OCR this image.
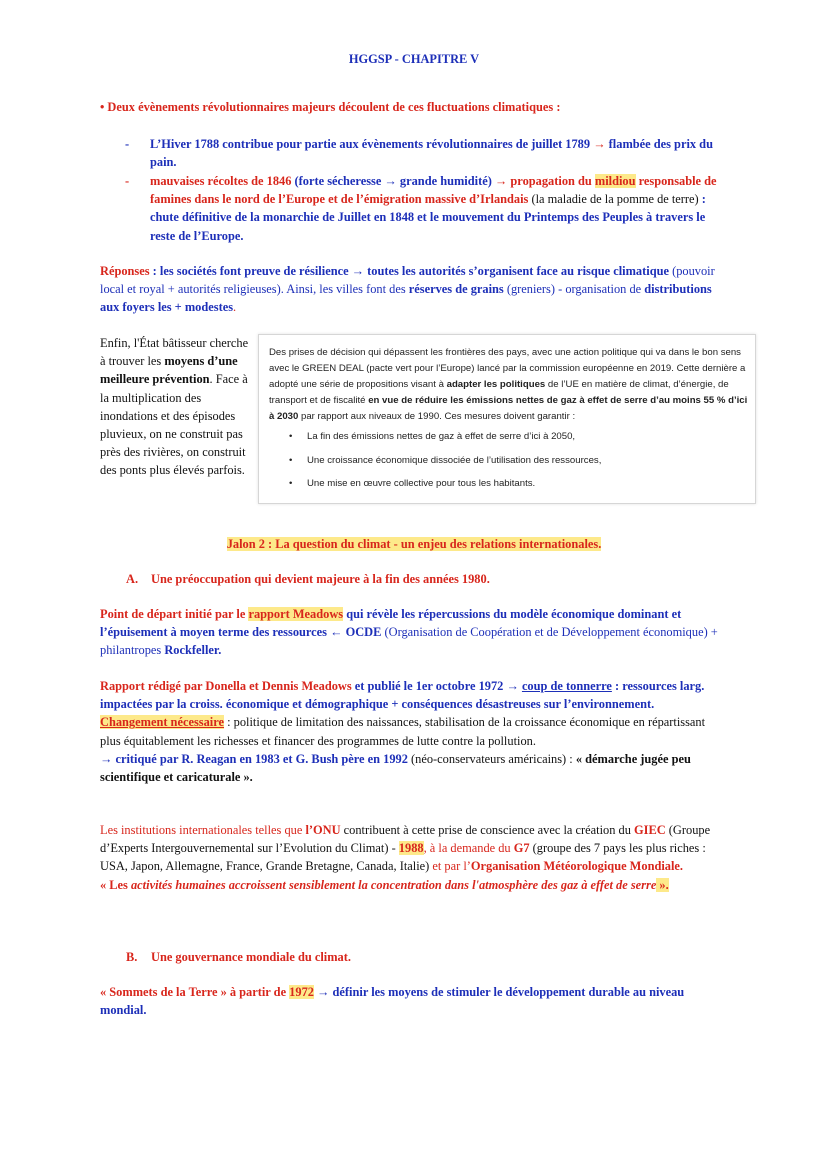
HGGSP - CHAPITRE V
• Deux évènements révolutionnaires majeurs découlent de ces fluctuations climatiques :
- L’Hiver 1788 contribue pour partie aux évènements révolutionnaires de juillet 1789 → flambée des prix du pain.
- mauvaises récoltes de 1846 (forte sécheresse → grande humidité) → propagation du mildiou responsable de famines dans le nord de l’Europe et de l’émigration massive d’Irlandais (la maladie de la pomme de terre) : chute définitive de la monarchie de Juillet en 1848 et le mouvement du Printemps des Peuples à travers le reste de l’Europe.
Réponses : les sociétés font preuve de résilience → toutes les autorités s’organisent face au risque climatique (pouvoir local et royal + autorités religieuses). Ainsi, les villes font des réserves de grains (greniers) - organisation de distributions aux foyers les + modestes.
Enfin, l'État bâtisseur cherche à trouver les moyens d’une meilleure prévention. Face à la multiplication des inondations et des épisodes pluvieux, on ne construit pas près des rivières, on construit des ponts plus élevés parfois.
Des prises de décision qui dépassent les frontières des pays, avec une action politique qui va dans le bon sens avec le GREEN DEAL (pacte vert pour l’Europe) lancé par la commission européenne en 2019. Cette dernière a adopté une série de propositions visant à adapter les politiques de l’UE en matière de climat, d’énergie, de transport et de fiscalité en vue de réduire les émissions nettes de gaz à effet de serre d’au moins 55 % d’ici à 2030 par rapport aux niveaux de 1990. Ces mesures doivent garantir :
• La fin des émissions nettes de gaz à effet de serre d’ici à 2050,
• Une croissance économique dissociée de l’utilisation des ressources,
• Une mise en œuvre collective pour tous les habitants.
Jalon 2 : La question du climat - un enjeu des relations internationales.
A. Une préoccupation qui devient majeure à la fin des années 1980.
Point de départ initié par le rapport Meadows qui révèle les répercussions du modèle économique dominant et l’épuisement à moyen terme des ressources ← OCDE (Organisation de Coopération et de Développement économique) + philantropes Rockfeller.
Rapport rédigé par Donella et Dennis Meadows et publié le 1er octobre 1972 → coup de tonnerre : ressources larg. impactées par la croiss. économique et démographique + conséquences désastreuses sur l’environnement.
Changement nécessaire : politique de limitation des naissances, stabilisation de la croissance économique en répartissant plus équitablement les richesses et financer des programmes de lutte contre la pollution.
→ critiqué par R. Reagan en 1983 et G. Bush père en 1992 (néo-conservateurs américains) : « démarche jugée peu scientifique et caricaturale ».
Les institutions internationales telles que l’ONU contribuent à cette prise de conscience avec la création du GIEC (Groupe d’Experts Intergouvernemental sur l’Evolution du Climat) - 1988, à la demande du G7 (groupe des 7 pays les plus riches : USA, Japon, Allemagne, France, Grande Bretagne, Canada, Italie) et par l’Organisation Météorologique Mondiale.
« Les activités humaines accroissent sensiblement la concentration dans l'atmosphère des gaz à effet de serre ».
B. Une gouvernance mondiale du climat.
« Sommets de la Terre » à partir de 1972 → définir les moyens de stimuler le développement durable au niveau mondial.
